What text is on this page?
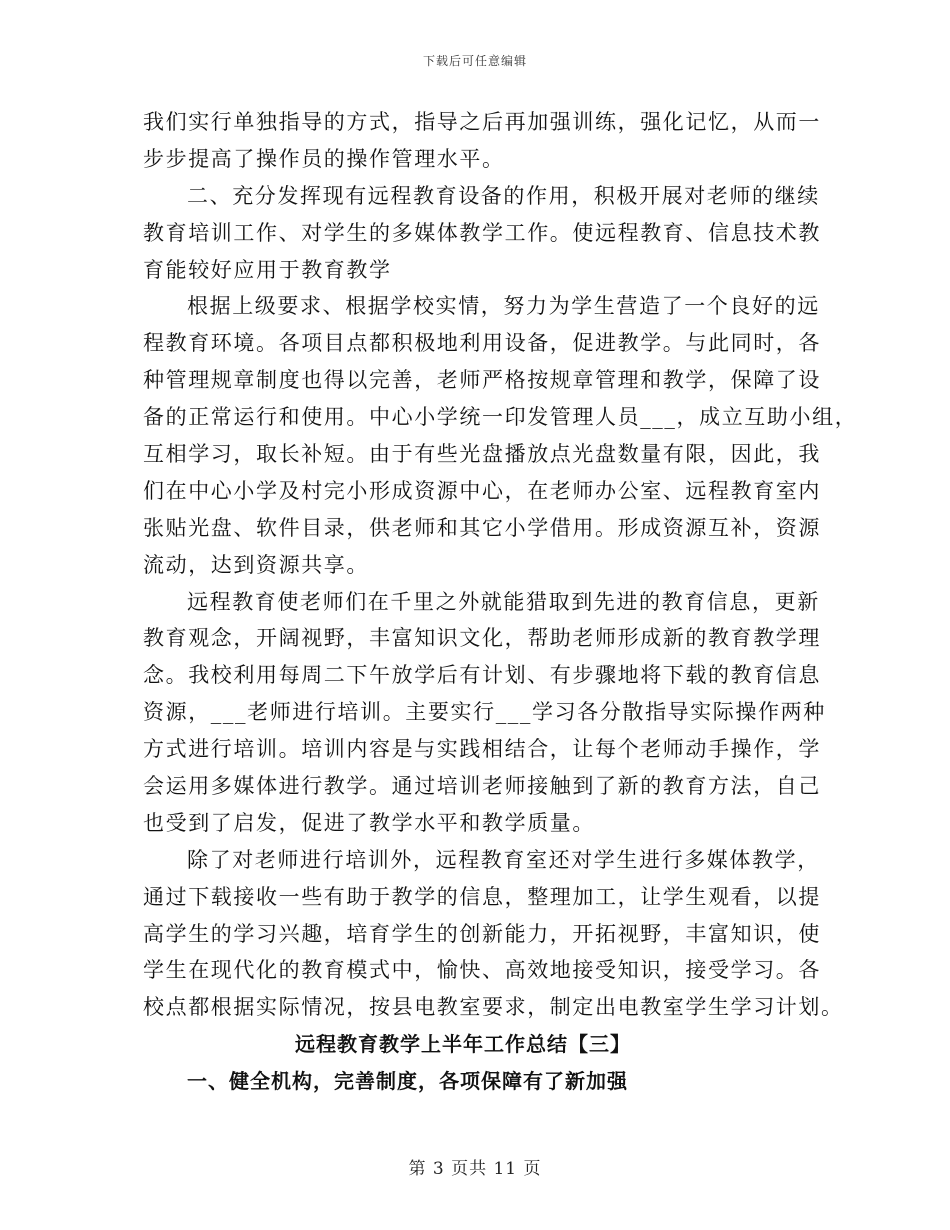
下载后可任意编辑
我们实行单独指导的方式，指导之后再加强训练，强化记忆，从而一
步步提高了操作员的操作管理水平。
二、充分发挥现有远程教育设备的作用，积极开展对老师的继续
教育培训工作、对学生的多媒体教学工作。使远程教育、信息技术教
育能较好应用于教育教学
根据上级要求、根据学校实情，努力为学生营造了一个良好的远
程教育环境。各项目点都积极地利用设备，促进教学。与此同时，各
种管理规章制度也得以完善，老师严格按规章管理和教学，保障了设
备的正常运行和使用。中心小学统一印发管理人员___，成立互助小组，
互相学习，取长补短。由于有些光盘播放点光盘数量有限，因此，我
们在中心小学及村完小形成资源中心，在老师办公室、远程教育室内
张贴光盘、软件目录，供老师和其它小学借用。形成资源互补，资源
流动，达到资源共享。
远程教育使老师们在千里之外就能猎取到先进的教育信息，更新
教育观念，开阔视野，丰富知识文化，帮助老师形成新的教育教学理
念。我校利用每周二下午放学后有计划、有步骤地将下载的教育信息
资源，___老师进行培训。主要实行___学习各分散指导实际操作两种
方式进行培训。培训内容是与实践相结合，让每个老师动手操作，学
会运用多媒体进行教学。通过培训老师接触到了新的教育方法，自己
也受到了启发，促进了教学水平和教学质量。
除了对老师进行培训外，远程教育室还对学生进行多媒体教学，
通过下载接收一些有助于教学的信息，整理加工，让学生观看，以提
高学生的学习兴趣，培育学生的创新能力，开拓视野，丰富知识，使
学生在现代化的教育模式中，愉快、高效地接受知识，接受学习。各
校点都根据实际情况，按县电教室要求，制定出电教室学生学习计划。
远程教育教学上半年工作总结【三】
一、健全机构，完善制度，各项保障有了新加强
第 3 页共 11 页
